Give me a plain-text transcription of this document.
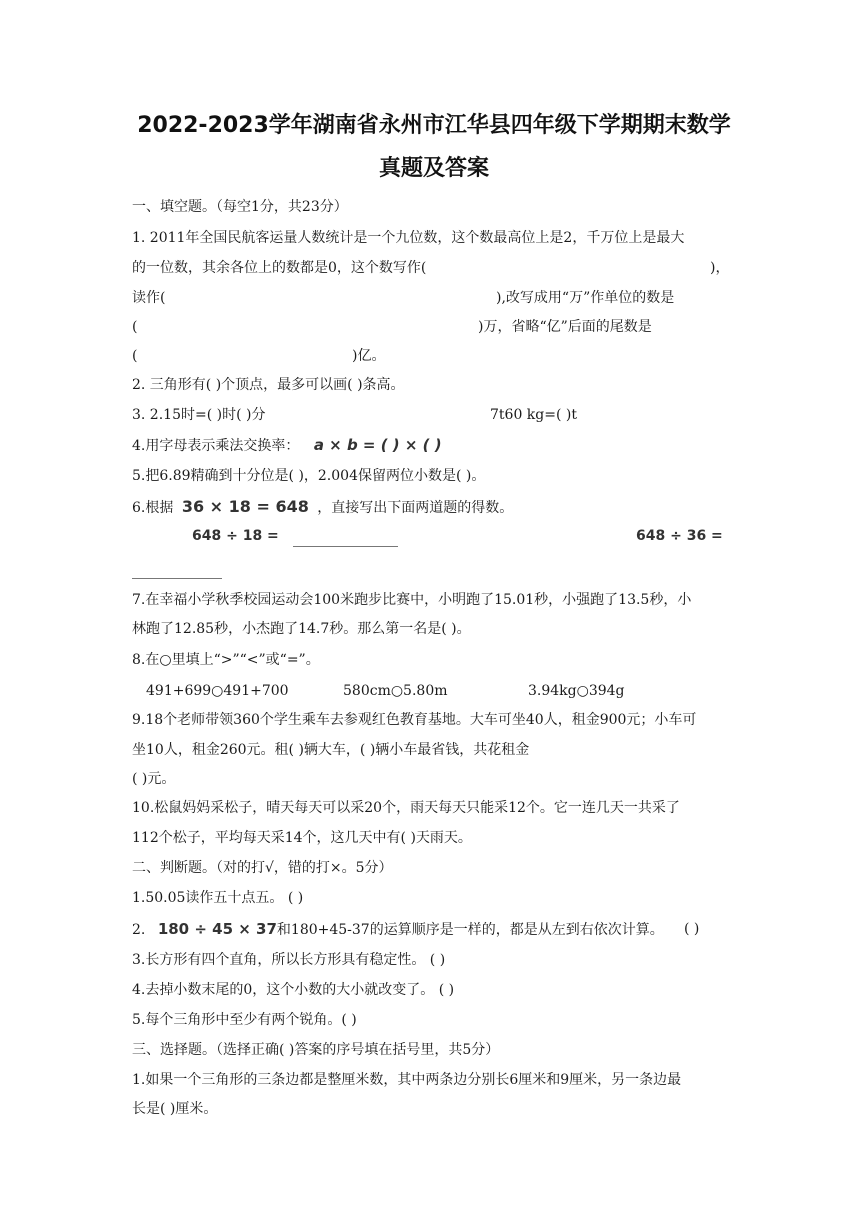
2022-2023学年湖南省永州市江华县四年级下学期期末数学
真题及答案
一、填空题。（每空1分，共23分）
1. 2011年全国民航客运量人数统计是一个九位数，这个数最高位上是2，千万位上是最大
的一位数，其余各位上的数都是0，这个数写作(	)，
读作(	),改写成用“万”作单位的数是
(	)万，省略“亿”后面的尾数是
(	)亿。
2. 三角形有( )个顶点，最多可以画( )条高。
3. 2.15时=( )时( )分	7t60 kg=( )t
4.用字母表示乘法交换率： a × b = ( ) × ( )
5.把6.89精确到十分位是( )，2.004保留两位小数是( )。
6.根据 36 × 18 = 648 ，直接写出下面两道题的得数。
648 ÷ 18 =	648 ÷ 36 =
7.在幸福小学秋季校园运动会100米跑步比赛中，小明跑了15.01秒，小强跑了13.5秒，小
林跑了12.85秒，小杰跑了14.7秒。那么第一名是( )。
8.在○里填上“>”“<”或“=”。
491+699○491+700	580cm○5.80m	3.94kg○394g
9.18个老师带领360个学生乘车去参观红色教育基地。大车可坐40人，租金900元；小车可
坐10人，租金260元。租( )辆大车，( )辆小车最省钱，共花租金
( )元。
10.松鼠妈妈采松子，晴天每天可以采20个，雨天每天只能采12个。它一连几天一共采了
112个松子，平均每天采14个，这几天中有( )天雨天。
二、判断题。（对的打√，错的打×。5分）
1.50.05读作五十点五。 ( )
2. 180 ÷ 45 × 37和180+45-37的运算顺序是一样的，都是从左到右依次计算。 ( )
3.长方形有四个直角，所以长方形具有稳定性。 ( )
4.去掉小数末尾的0，这个小数的大小就改变了。 ( )
5.每个三角形中至少有两个锐角。( )
三、选择题。（选择正确( )答案的序号填在括号里，共5分）
1.如果一个三角形的三条边都是整厘米数，其中两条边分别长6厘米和9厘米，另一条边最
长是( )厘米。
